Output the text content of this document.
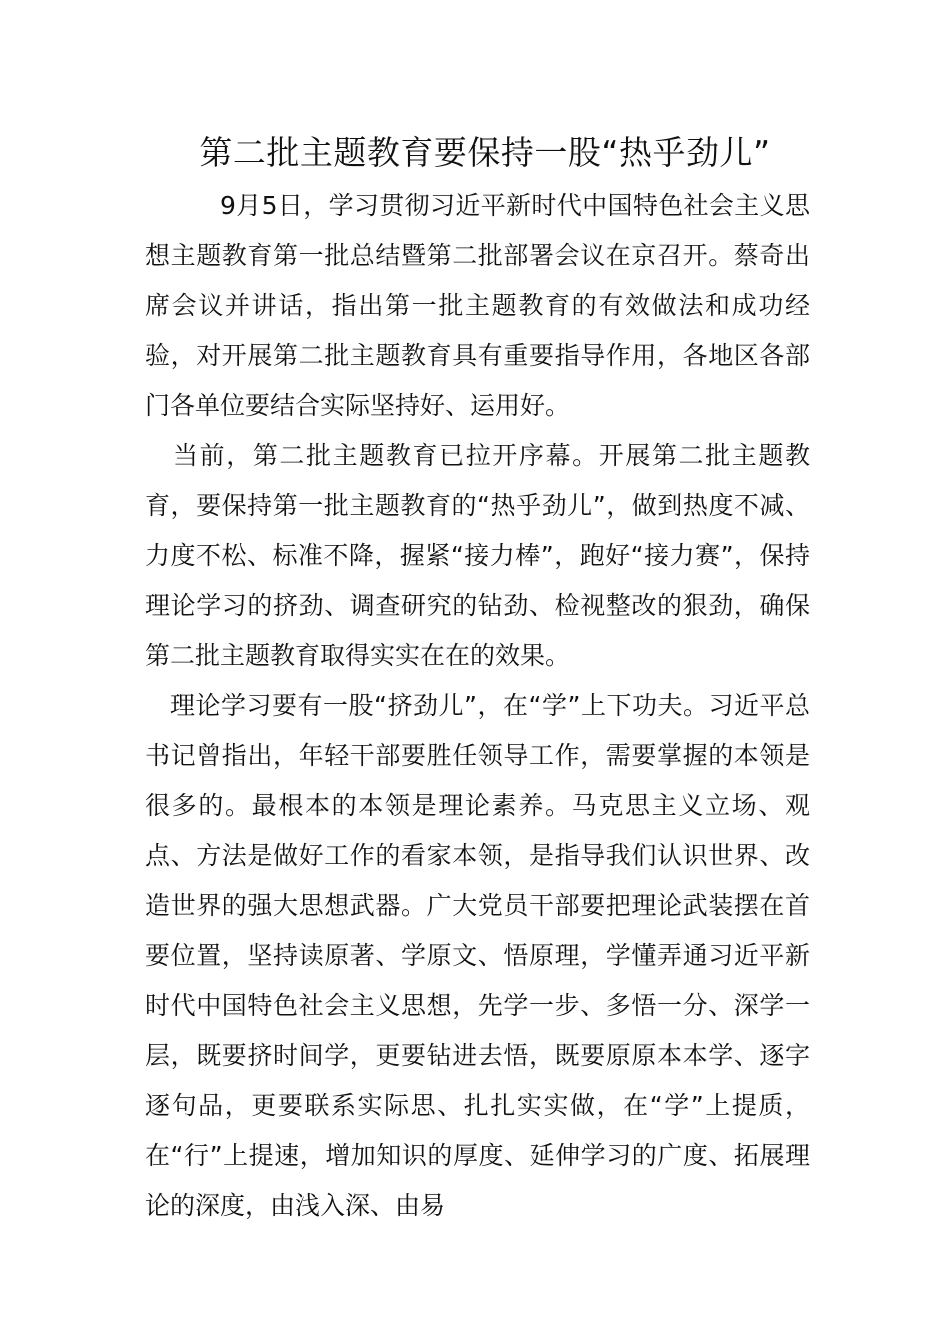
第二批主题教育要保持一股“热乎劲儿”

9月5日，学习贯彻习近平新时代中国特色社会主义思想主题教育第一批总结暨第二批部署会议在京召开。蔡奇出席会议并讲话，指出第一批主题教育的有效做法和成功经验，对开展第二批主题教育具有重要指导作用，各地区各部门各单位要结合实际坚持好、运用好。

当前，第二批主题教育已拉开序幕。开展第二批主题教育，要保持第一批主题教育的“热乎劲儿”，做到热度不减、力度不松、标准不降，握紧“接力棒”，跑好“接力赛”，保持理论学习的挤劲、调查研究的钻劲、检视整改的狠劲，确保第二批主题教育取得实实在在的效果。

理论学习要有一股“挤劲儿”，在“学”上下功夫。习近平总书记曾指出，年轻干部要胜任领导工作，需要掌握的本领是很多的。最根本的本领是理论素养。马克思主义立场、观点、方法是做好工作的看家本领，是指导我们认识世界、改造世界的强大思想武器。广大党员干部要把理论武装摆在首要位置，坚持读原著、学原文、悟原理，学懂弄通习近平新时代中国特色社会主义思想，先学一步、多悟一分、深学一层，既要挤时间学，更要钻进去悟，既要原原本本学、逐字逐句品，更要联系实际思、扎扎实实做，在“学”上提质，在“行”上提速，增加知识的厚度、延伸学习的广度、拓展理论的深度，由浅入深、由易
